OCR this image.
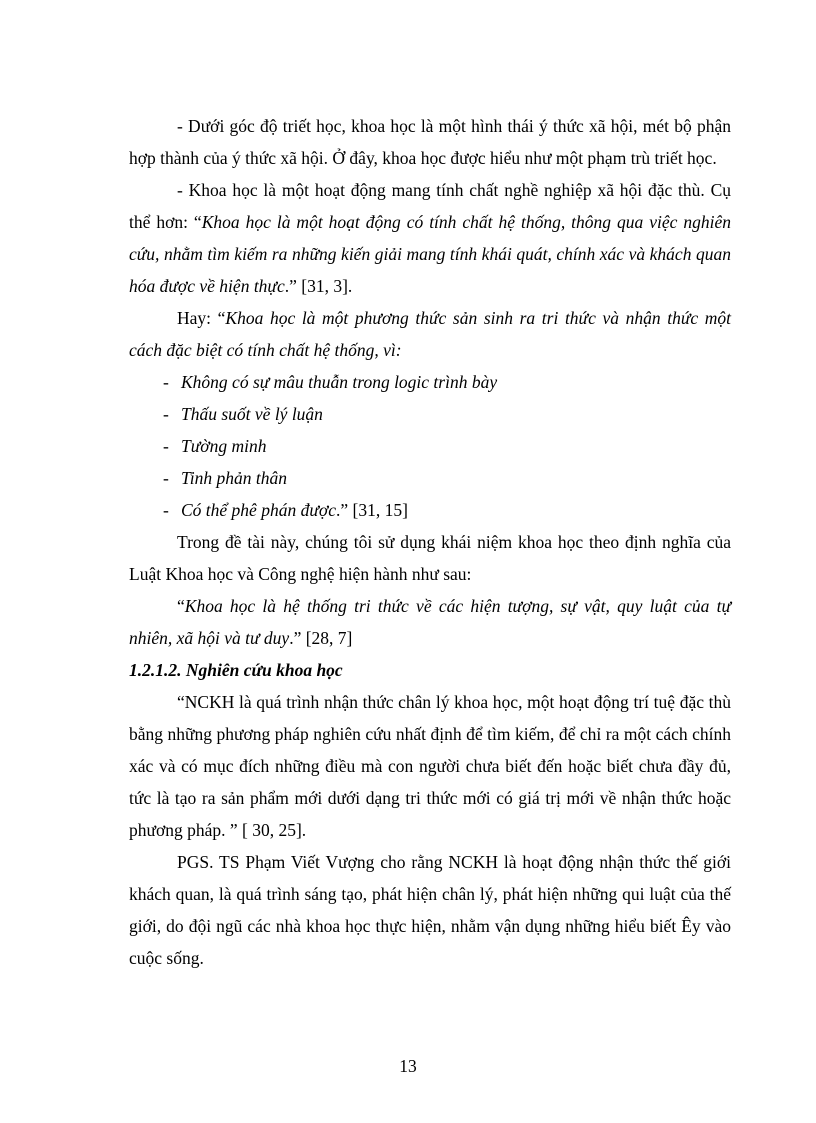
- Dưới góc độ triết học, khoa học là một hình thái ý thức xã hội, mét bộ phận hợp thành của ý thức xã hội. Ở đây, khoa học được hiểu như một phạm trù triết học.

- Khoa học là một hoạt động mang tính chất nghề nghiệp xã hội đặc thù. Cụ thể hơn: “Khoa học là một hoạt động có tính chất hệ thống, thông qua việc nghiên cứu, nhằm tìm kiếm ra những kiến giải mang tính khái quát, chính xác và khách quan hóa được về hiện thực.” [31, 3].

Hay: “Khoa học là một phương thức sản sinh ra tri thức và nhận thức một cách đặc biệt có tính chất hệ thống, vì:

- Không có sự mâu thuẫn trong logic trình bày
- Thấu suốt về lý luận
- Tường minh
- Tinh phản thân
- Có thể phê phán được.” [31, 15]

Trong đề tài này, chúng tôi sử dụng khái niệm khoa học theo định nghĩa của Luật Khoa học và Công nghệ hiện hành như sau:

“Khoa học là hệ thống tri thức về các hiện tượng, sự vật, quy luật của tự nhiên, xã hội và tư duy.” [28, 7]

1.2.1.2. Nghiên cứu khoa học

“NCKH là quá trình nhận thức chân lý khoa học, một hoạt động trí tuệ đặc thù bằng những phương pháp nghiên cứu nhất định để tìm kiếm, để chỉ ra một cách chính xác và có mục đích những điều mà con người chưa biết đến hoặc biết chưa đầy đủ, tức là tạo ra sản phẩm mới dưới dạng tri thức mới có giá trị mới về nhận thức hoặc phương pháp. ” [ 30, 25].

PGS. TS Phạm Viết Vượng cho rằng NCKH là hoạt động nhận thức thế giới khách quan, là quá trình sáng tạo, phát hiện chân lý, phát hiện những qui luật của thế giới, do đội ngũ các nhà khoa học thực hiện, nhằm vận dụng những hiểu biết Êy vào cuộc sống.

13
